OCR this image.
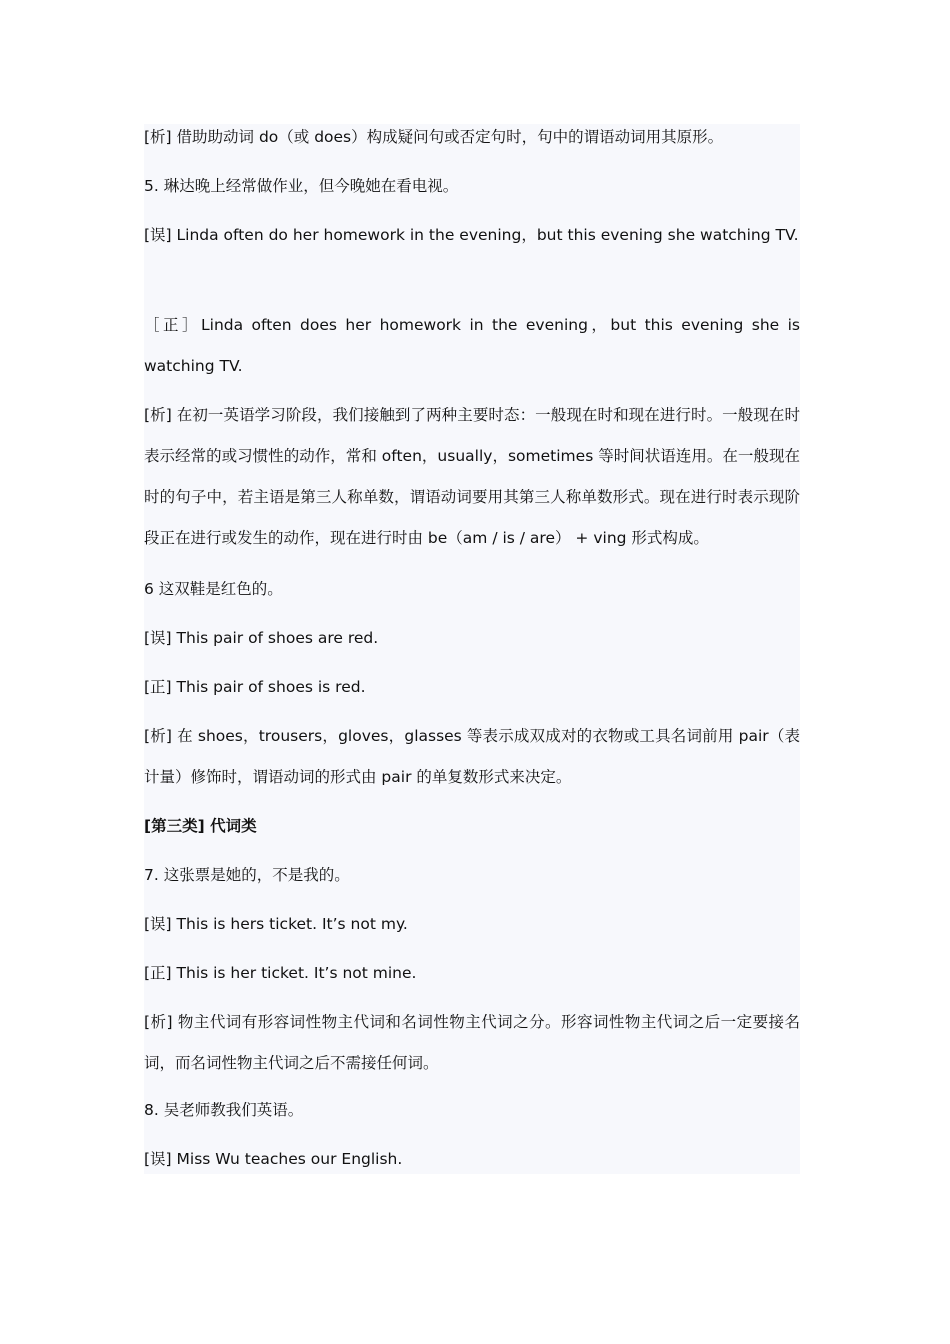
[析] 借助助动词 do（或 does）构成疑问句或否定句时，句中的谓语动词用其原形。

5. 琳达晚上经常做作业，但今晚她在看电视。

[误] Linda often do her homework in the evening，but this evening she watching TV.

［正］Linda often does her homework in the evening，but this evening she is watching TV.

[析] 在初一英语学习阶段，我们接触到了两种主要时态：一般现在时和现在进行时。一般现在时表示经常的或习惯性的动作，常和 often，usually，sometimes 等时间状语连用。在一般现在时的句子中，若主语是第三人称单数，谓语动词要用其第三人称单数形式。现在进行时表示现阶段正在进行或发生的动作，现在进行时由 be（am / is / are） + ving 形式构成。

6 这双鞋是红色的。

[误] This pair of shoes are red.

[正] This pair of shoes is red.

[析] 在 shoes，trousers，gloves，glasses 等表示成双成对的衣物或工具名词前用 pair（表计量）修饰时，谓语动词的形式由 pair 的单复数形式来决定。

[第三类] 代词类

7. 这张票是她的，不是我的。

[误] This is hers ticket. It’s not my.

[正] This is her ticket. It’s not mine.

[析] 物主代词有形容词性物主代词和名词性物主代词之分。形容词性物主代词之后一定要接名词，而名词性物主代词之后不需接任何词。

8. 吴老师教我们英语。

[误] Miss Wu teaches our English.
